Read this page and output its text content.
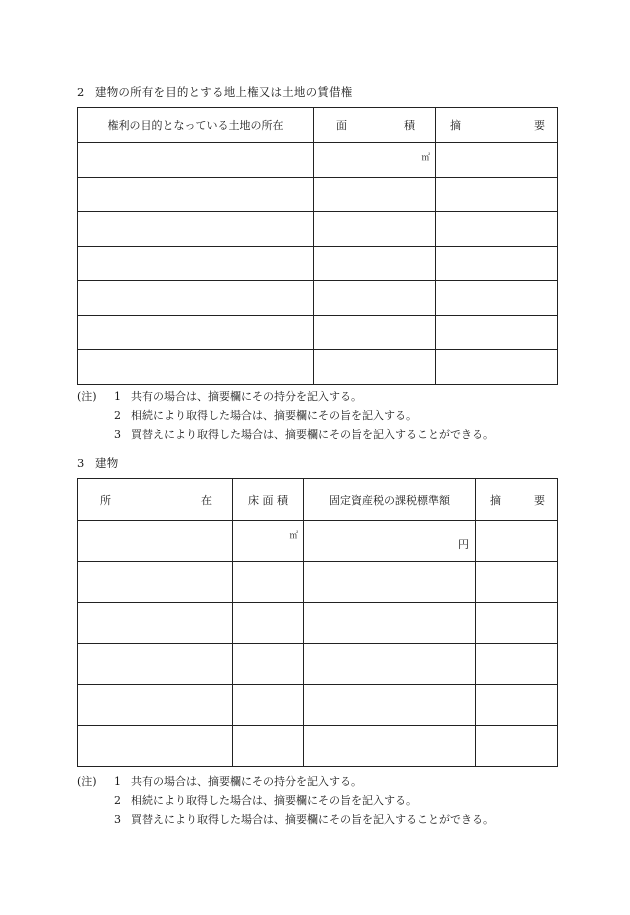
2 建物の所有を目的とする地上権又は土地の賃借権
権利の目的となっている土地の所在	面 積	摘 要

	㎡	

(注)	1 共有の場合は、摘要欄にその持分を記入する。
2 相続により取得した場合は、摘要欄にその旨を記入する。
3 買替えにより取得した場合は、摘要欄にその旨を記入することができる。
3 建物
所 在	床 面 積	固定資産税の課税標準額	摘 要

	㎡	円	

(注)	1 共有の場合は、摘要欄にその持分を記入する。
2 相続により取得した場合は、摘要欄にその旨を記入する。
3 買替えにより取得した場合は、摘要欄にその旨を記入することができる。
